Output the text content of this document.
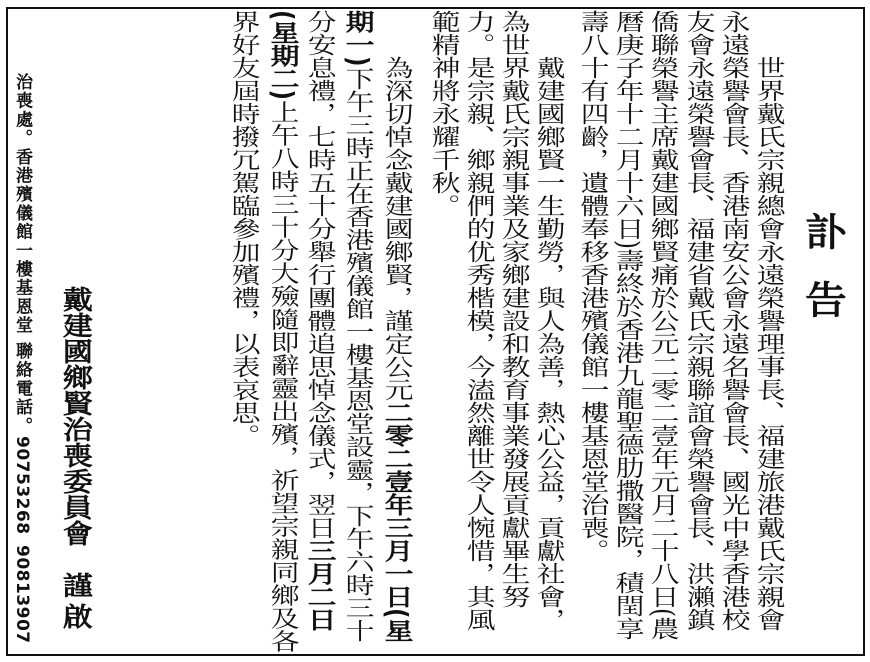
訃告
世界戴氏宗親總會永遠榮譽理事長、福建旅港戴氏宗親會
永遠榮譽會長、香港南安公會永遠名譽會長、國光中學香港校
友會永遠榮譽會長、福建省戴氏宗親聯誼會榮譽會長、洪瀨鎮
僑聯榮譽主席戴建國鄉賢痛於公元二零二壹年元月二十八日(農
曆庚子年十二月十六日)壽終於香港九龍聖德肋撒醫院，積閏享
壽八十有四齡，遺體奉移香港殯儀館一樓基恩堂治喪。
戴建國鄉賢一生勤勞，與人為善，熱心公益，貢獻社會，
為世界戴氏宗親事業及家鄉建設和教育事業發展貢獻畢生努
力。是宗親、鄉親們的优秀楷模，今溘然離世令人惋惜，其風
範精神將永耀千秋。
為深切悼念戴建國鄉賢，謹定公元二零二壹年三月一日(星
期一)下午三時正在香港殯儀館一樓基恩堂設靈，下午六時三十
分安息禮，七時五十分舉行團體追思悼念儀式，翌日三月二日
(星期二)上午八時三十分大殮隨即辭靈出殯，祈望宗親同鄉及各
界好友屆時撥冗駕臨參加殯禮，以表哀思。
戴建國鄉賢治喪委員會
謹啟
治喪處。香港殯儀館一樓基恩堂
聯絡電話。
90753268
90813907
